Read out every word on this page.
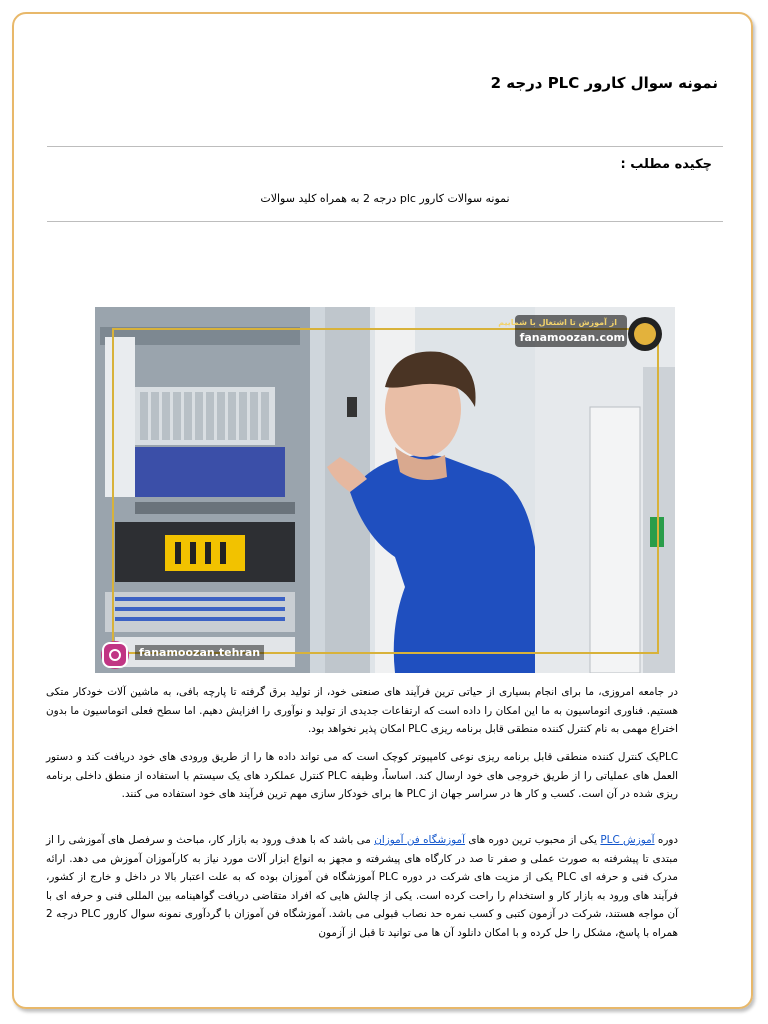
نمونه سوال کارور PLC درجه 2
چکیده مطلب :
نمونه سوالات کارور plc درجه 2 به همراه کلید سوالات
از آموزش تا اشتغال با شماییم
fanamoozan.com
fanamoozan.tehran
در جامعه امروزی، ما برای انجام بسیاری از حیاتی ترین فرآیند های صنعتی خود، از تولید برق گرفته تا پارچه بافی، به ماشین آلات خودکار متکی هستیم. فناوری اتوماسیون به ما این امکان را داده است که ارتفاعات جدیدی از تولید و نوآوری را افزایش دهیم. اما سطح فعلی اتوماسیون ما بدون اختراع مهمی به نام کنترل کننده منطقی قابل برنامه ریزی PLC امکان پذیر نخواهد بود.
PLCیک کنترل کننده منطقی قابل برنامه ریزی نوعی کامپیوتر کوچک است که می تواند داده ها را از طریق ورودی های خود دریافت کند و دستور العمل های عملیاتی را از طریق خروجی های خود ارسال کند. اساساً، وظیفه PLC کنترل عملکرد های یک سیستم با استفاده از منطق داخلی برنامه ریزی شده در آن است. کسب و کار ها در سراسر جهان از PLC ها برای خودکار سازی مهم ترین فرآیند های خود استفاده می کنند.
دوره آموزش PLC یکی از محبوب ترین دوره های آموزشگاه فن آموزان می باشد که با هدف ورود به بازار کار، مباحث و سرفصل های آموزشی را از مبتدی تا پیشرفته به صورت عملی و صفر تا صد در کارگاه های پیشرفته و مجهز به انواع ابزار آلات مورد نیاز به کارآموزان آموزش می دهد. ارائه مدرک فنی و حرفه ای PLC یکی از مزیت های شرکت در دوره PLC آموزشگاه فن آموزان بوده که به علت اعتبار بالا در داخل و خارج از کشور، فرآیند های ورود به بازار کار و استخدام را راحت کرده است. یکی از چالش هایی که افراد متقاضی دریافت گواهینامه بین المللی فنی و حرفه ای با آن مواجه هستند، شرکت در آزمون کتبی و کسب نمره حد نصاب قبولی می باشد. آموزشگاه فن آموزان با گردآوری نمونه سوال کارور PLC درجه 2 همراه با پاسخ، مشکل را حل کرده و با امکان دانلود آن ها می توانید تا قبل از آزمون
